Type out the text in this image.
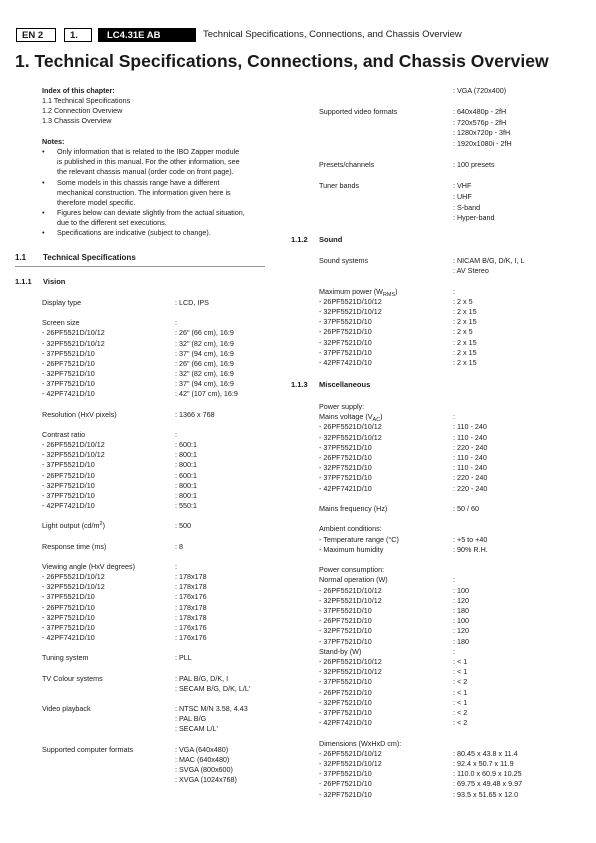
EN 2	1.	LC4.31E AB	Technical Specifications, Connections, and Chassis Overview
1. Technical Specifications, Connections, and Chassis Overview
Index of this chapter:
1.1 Technical Specifications
1.2 Connection Overview
1.3 Chassis Overview
Notes:
• Only information that is related to the IBO Zapper module
is published in this manual. For the other information, see
the relevant chassis manual (order code on front page).
• Some models in this chassis range have a different
mechanical construction. The information given here is
therefore model specific.
• Figures below can deviate slightly from the actual situation,
due to the different set executions.
• Specifications are indicative (subject to change).
1.1 Technical Specifications
1.1.1 Vision
1.1.2 Sound
1.1.3 Miscellaneous
Display type	: LCD, IPS
Screen size	:
- 26PF5521D/10/12	: 26" (66 cm), 16:9
- 32PF5521D/10/12	: 32" (82 cm), 16:9
- 37PF5521D/10	: 37" (94 cm), 16:9
- 26PF7521D/10	: 26" (66 cm), 16:9
- 32PF7521D/10	: 32" (82 cm), 16:9
- 37PF7521D/10	: 37" (94 cm), 16:9
- 42PF7421D/10	: 42" (107 cm), 16:9
Resolution (HxV pixels)	: 1366 x 768
Contrast ratio	:
- 26PF5521D/10/12	: 600:1
- 32PF5521D/10/12	: 800:1
- 37PF5521D/10	: 800:1
- 26PF7521D/10	: 600:1
- 32PF7521D/10	: 800:1
- 37PF7521D/10	: 800:1
- 42PF7421D/10	: 550:1
Light output $(cd/m^2)$	: 500
Response time (ms)	: 8
Viewing angle (HxV degrees)	:
- 26PF5521D/10/12	: 178x178
- 32PF5521D/10/12	: 178x178
- 37PF5521D/10	: 176x176
- 26PF7521D/10	: 178x178
- 32PF7521D/10	: 178x178
- 37PF7521D/10	: 176x176
- 42PF7421D/10	: 176x176
Tuning system	: PLL
TV Colour systems	: PAL B/G, D/K, I
: SECAM B/G, D/K, L/L'
Video playback	: NTSC M/N 3.58, 4.43
: PAL B/G
: SECAM L/L'
Supported computer formats	: VGA (640x480)
: MAC (640x480)
: SVGA (800x600)
: XVGA (1024x768)
: VGA (720x400)
Supported video formats	: 640x480p - 2fH
: 720x576p - 2fH
: 1280x720p - 3fH
: 1920x1080i - 2fH
Presets/channels	: 100 presets
Tuner bands	: VHF
: UHF
: S-band
: Hyper-band
Sound systems	: NICAM B/G, D/K, I, L
: AV Stereo
Maximum power $(W_{RMS})$	:
- 26PF5521D/10/12	: 2 x 5
- 32PF5521D/10/12	: 2 x 15
- 37PF5521D/10	: 2 x 15
- 26PF7521D/10	: 2 x 5
- 32PF7521D/10	: 2 x 15
- 37PF7521D/10	: 2 x 15
- 42PF7421D/10	: 2 x 15
Power supply:
Mains voltage $(V_{AC})$	:
- 26PF5521D/10/12	: 110 - 240
- 32PF5521D/10/12	: 110 - 240
- 37PF5521D/10	: 220 - 240
- 26PF7521D/10	: 110 - 240
- 32PF7521D/10	: 110 - 240
- 37PF7521D/10	: 220 - 240
- 42PF7421D/10	: 220 - 240
Mains frequency (Hz)	: 50 / 60
Ambient conditions:
- Temperature range (°C)	: +5 to +40
- Maximum humidity	: 90% R.H.
Power consumption:
Normal operation (W)	:
- 26PF5521D/10/12	: 100
- 32PF5521D/10/12	: 120
- 37PF5521D/10	: 180
- 26PF7521D/10	: 100
- 32PF7521D/10	: 120
- 37PF7521D/10	: 180
Stand-by (W)	:
- 26PF5521D/10/12	: < 1
- 32PF5521D/10/12	: < 1
- 37PF5521D/10	: < 2
- 26PF7521D/10	: < 1
- 32PF7521D/10	: < 1
- 37PF7521D/10	: < 2
- 42PF7421D/10	: < 2
Dimensions (WxHxD cm):
- 26PF5521D/10/12	: 80.45 x 43.8 x 11.4
- 32PF5521D/10/12	: 92.4 x 50.7 x 11.9
- 37PF5521D/10	: 110.0 x 60.9 x 10.25
- 26PF7521D/10	: 69.75 x 49.48 x 9.97
- 32PF7521D/10	: 93.5 x 51.65 x 12.0
